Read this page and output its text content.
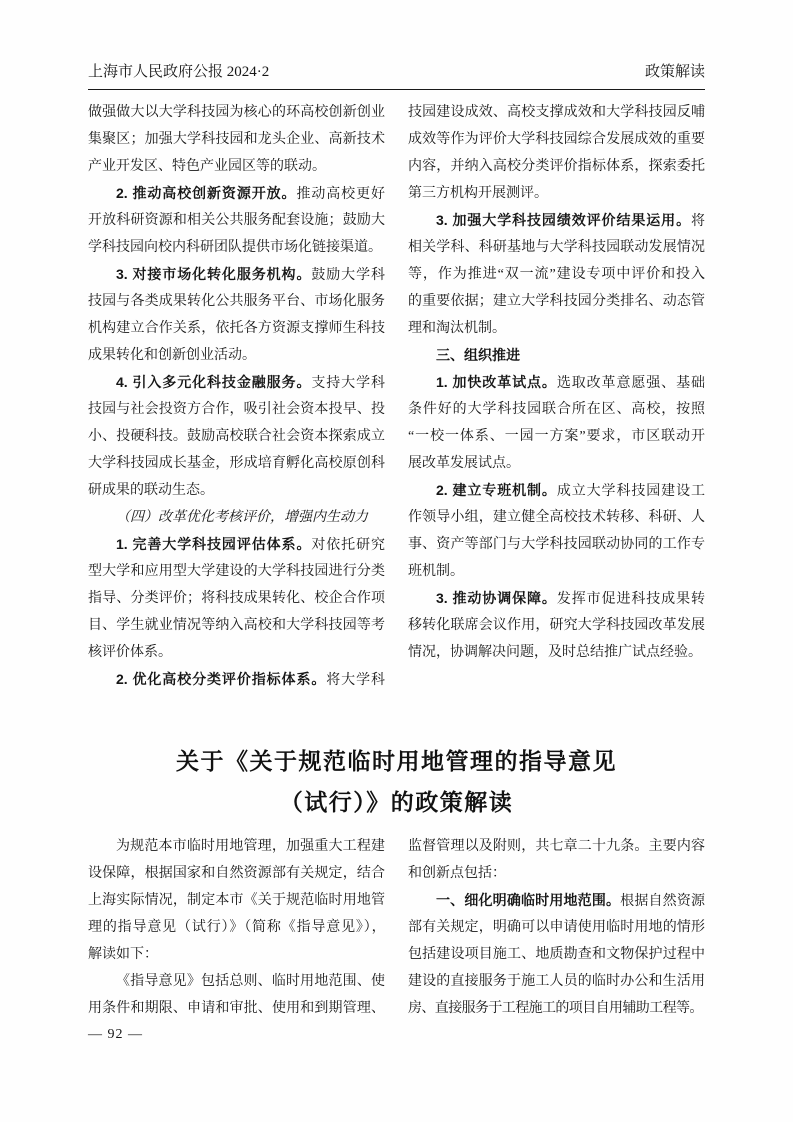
上海市人民政府公报 2024·2	政策解读
做强做大以大学科技园为核心的环高校创新创业
集聚区；加强大学科技园和龙头企业、高新技术
产业开发区、特色产业园区等的联动。
2. 推动高校创新资源开放。推动高校更好
开放科研资源和相关公共服务配套设施；鼓励大
学科技园向校内科研团队提供市场化链接渠道。
3. 对接市场化转化服务机构。鼓励大学科
技园与各类成果转化公共服务平台、市场化服务
机构建立合作关系，依托各方资源支撑师生科技
成果转化和创新创业活动。
4. 引入多元化科技金融服务。支持大学科
技园与社会投资方合作，吸引社会资本投早、投
小、投硬科技。鼓励高校联合社会资本探索成立
大学科技园成长基金，形成培育孵化高校原创科
研成果的联动生态。
（四）改革优化考核评价，增强内生动力
1. 完善大学科技园评估体系。对依托研究
型大学和应用型大学建设的大学科技园进行分类
指导、分类评价；将科技成果转化、校企合作项
目、学生就业情况等纳入高校和大学科技园等考
核评价体系。
2. 优化高校分类评价指标体系。将大学科
技园建设成效、高校支撑成效和大学科技园反哺
成效等作为评价大学科技园综合发展成效的重要
内容，并纳入高校分类评价指标体系，探索委托
第三方机构开展测评。
3. 加强大学科技园绩效评价结果运用。将
相关学科、科研基地与大学科技园联动发展情况
等，作为推进“双一流”建设专项中评价和投入
的重要依据；建立大学科技园分类排名、动态管
理和淘汰机制。
三、组织推进
1. 加快改革试点。选取改革意愿强、基础
条件好的大学科技园联合所在区、高校，按照
“一校一体系、一园一方案”要求，市区联动开
展改革发展试点。
2. 建立专班机制。成立大学科技园建设工
作领导小组，建立健全高校技术转移、科研、人
事、资产等部门与大学科技园联动协同的工作专
班机制。
3. 推动协调保障。发挥市促进科技成果转
移转化联席会议作用，研究大学科技园改革发展
情况，协调解决问题，及时总结推广试点经验。
关于《关于规范临时用地管理的指导意见
（试行）》的政策解读
为规范本市临时用地管理，加强重大工程建
设保障，根据国家和自然资源部有关规定，结合
上海实际情况，制定本市《关于规范临时用地管
理的指导意见（试行）》（简称《指导意见》），
解读如下：
《指导意见》包括总则、临时用地范围、使
用条件和期限、申请和审批、使用和到期管理、
监督管理以及附则，共七章二十九条。主要内容
和创新点包括：
一、细化明确临时用地范围。根据自然资源
部有关规定，明确可以申请使用临时用地的情形
包括建设项目施工、地质勘查和文物保护过程中
建设的直接服务于施工人员的临时办公和生活用
房、直接服务于工程施工的项目自用辅助工程等。
— 92 —
